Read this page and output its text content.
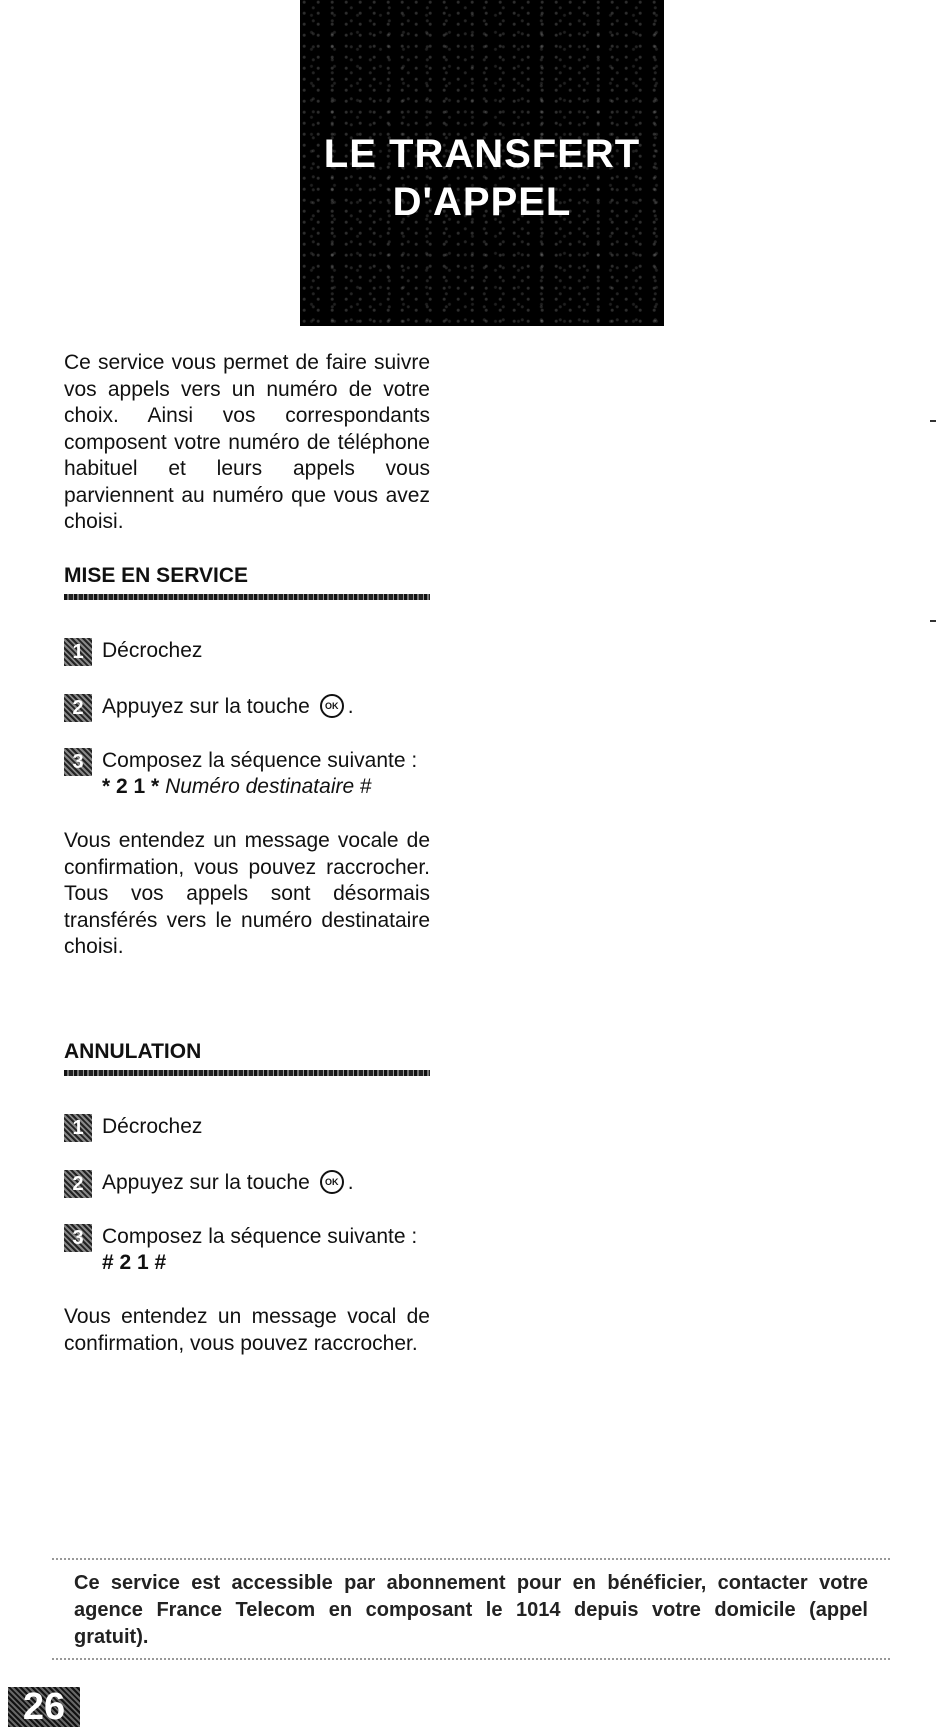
LE TRANSFERT
D'APPEL

Ce service vous permet de faire suivre vos appels vers un numéro de votre choix. Ainsi vos correspondants composent votre numéro de téléphone habituel et leurs appels vous parviennent au numéro que vous avez choisi.

MISE EN SERVICE

1 Décrochez
2 Appuyez sur la touche OK .
3 Composez la séquence suivante :
* 2 1 * Numéro destinataire #

Vous entendez un message vocale de confirmation, vous pouvez raccrocher. Tous vos appels sont désormais transférés vers le numéro destinataire choisi.

ANNULATION

1 Décrochez
2 Appuyez sur la touche OK .
3 Composez la séquence suivante :
# 2 1 #

Vous entendez un message vocal de confirmation, vous pouvez raccrocher.

Ce service est accessible par abonnement pour en bénéficier, contacter votre agence France Telecom en composant le 1014 depuis votre domicile (appel gratuit).

26
